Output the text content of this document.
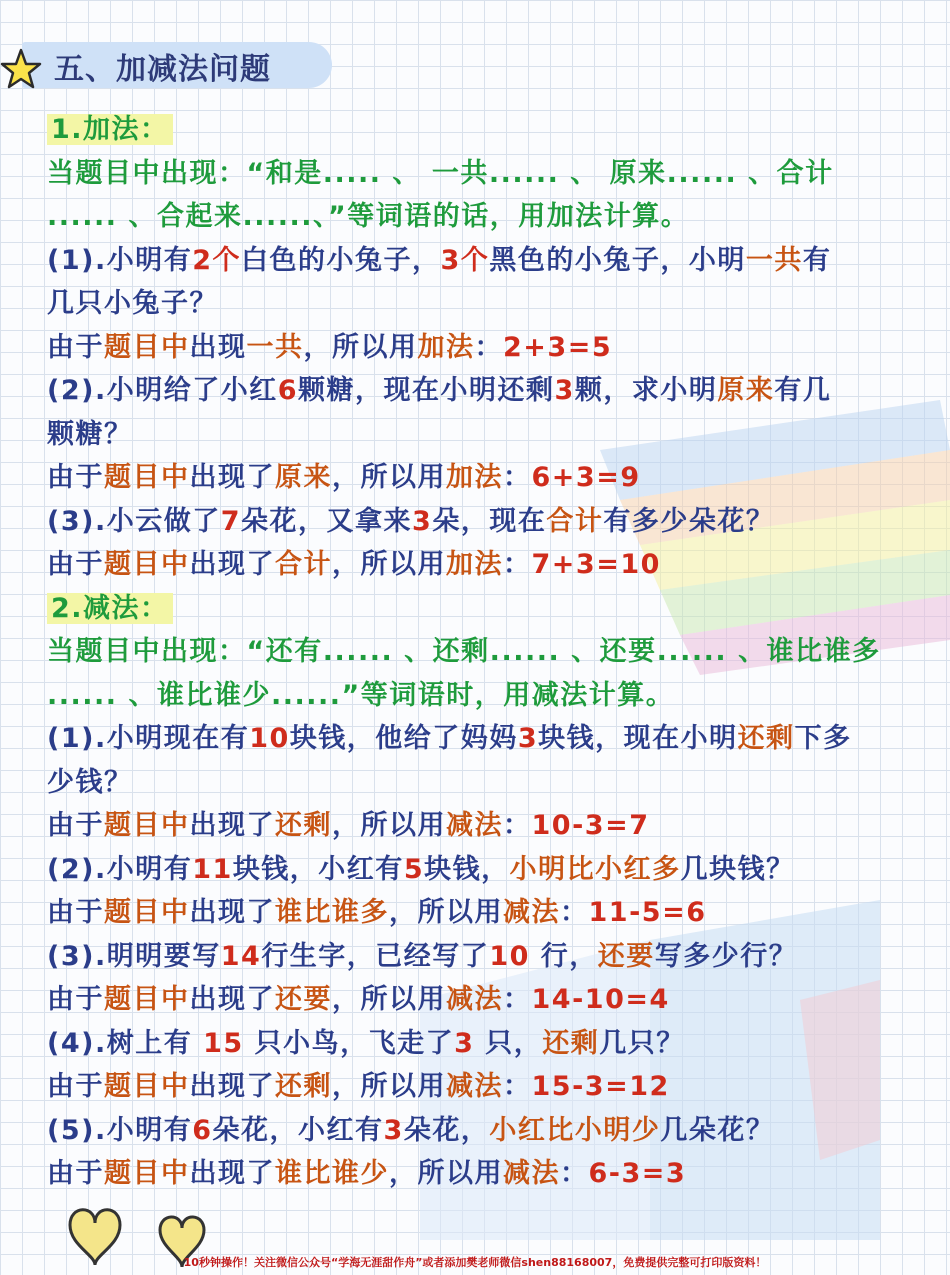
五、加减法问题
1.加法：
当题目中出现：“和是..... 、 一共...... 、 原来...... 、合计
...... 、合起来......、”等词语的话，用加法计算。
(1).小明有2个白色的小兔子，3个黑色的小兔子，小明一共有
几只小兔子？
由于题目中出现一共，所以用加法：2+3=5
(2).小明给了小红6颗糖，现在小明还剩3颗，求小明原来有几
颗糖？
由于题目中出现了原来，所以用加法：6+3=9
(3).小云做了7朵花，又拿来3朵，现在合计有多少朵花？
由于题目中出现了合计，所以用加法：7+3=10
2.减法：
当题目中出现：“还有...... 、还剩...... 、还要...... 、谁比谁多
...... 、谁比谁少......”等词语时，用减法计算。
(1).小明现在有10块钱，他给了妈妈3块钱，现在小明还剩下多
少钱？
由于题目中出现了还剩，所以用减法：10-3=7
(2).小明有11块钱，小红有5块钱，小明比小红多几块钱？
由于题目中出现了谁比谁多，所以用减法：11-5=6
(3).明明要写14行生字，已经写了10 行，还要写多少行？
由于题目中出现了还要，所以用减法：14-10=4
(4).树上有 15 只小鸟，飞走了3 只，还剩几只？
由于题目中出现了还剩，所以用减法：15-3=12
(5).小明有6朵花，小红有3朵花，小红比小明少几朵花？
由于题目中出现了谁比谁少，所以用减法：6-3=3
10秒钟操作！关注微信公众号“学海无涯甜作舟”或者添加樊老师微信shen88168007，免费提供完整可打印版资料！
